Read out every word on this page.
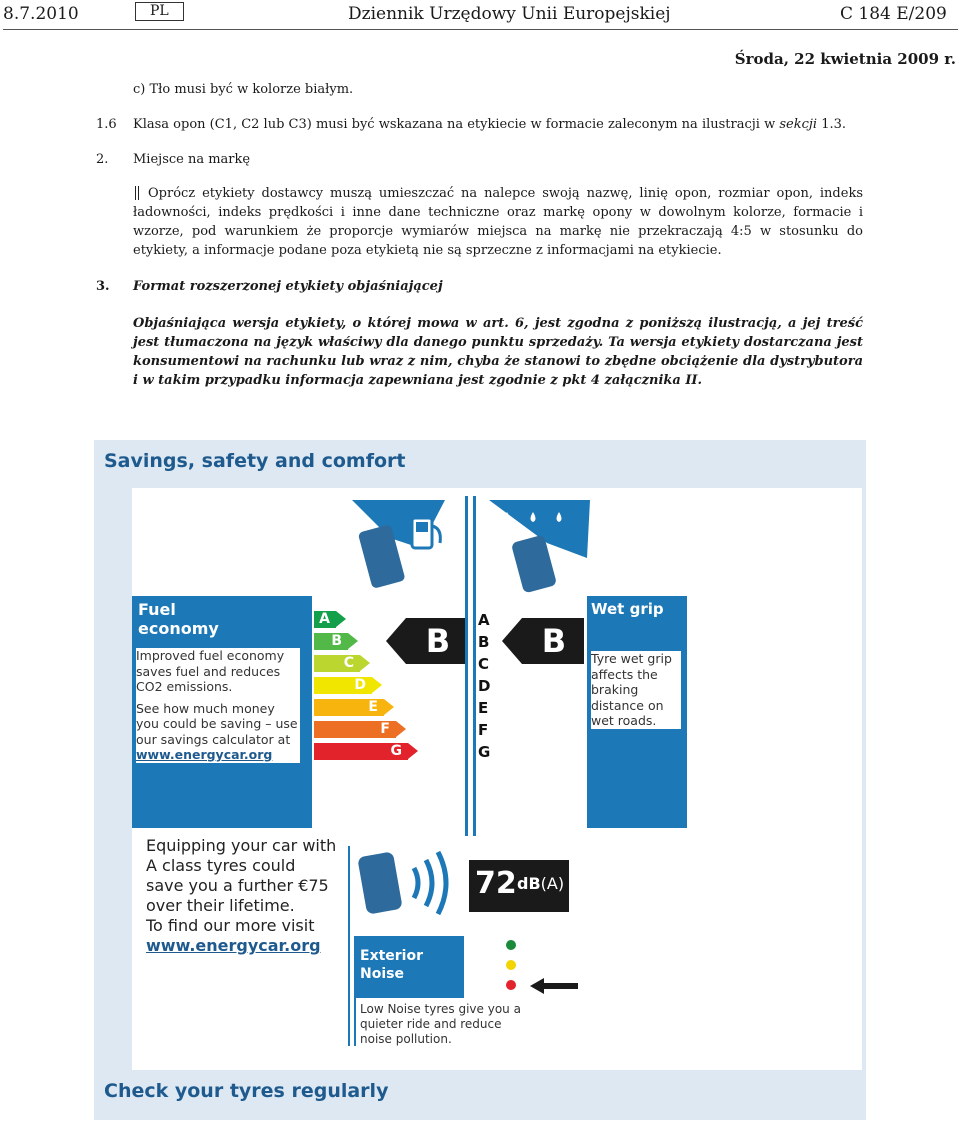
8.7.2010	PL	Dziennik Urzędowy Unii Europejskiej	C 184 E/209
Środa, 22 kwietnia 2009 r.
c) Tło musi być w kolorze białym.
1.6 Klasa opon (C1, C2 lub C3) musi być wskazana na etykiecie w formacie zaleconym na ilustracji w sekcji 1.3.
2. Miejsce na markę
Oprócz etykiety dostawcy muszą umieszczać na nalepce swoją nazwę, linię opon, rozmiar opon, indeks ładowności, indeks prędkości i inne dane techniczne oraz markę opony w dowolnym kolorze, formacie i wzorze, pod warunkiem że proporcje wymiarów miejsca na markę nie przekraczają 4:5 w stosunku do etykiety, a informacje podane poza etykietą nie są sprzeczne z informacjami na etykiecie.
3. Format rozszerzonej etykiety objaśniającej
Objaśniająca wersja etykiety, o której mowa w art. 6, jest zgodna z poniższą ilustracją, a jej treść jest tłumaczona na język właściwy dla danego punktu sprzedaży. Ta wersja etykiety dostarczana jest konsumentowi na rachunku lub wraz z nim, chyba że stanowi to zbędne obciążenie dla dystrybutora i w takim przypadku informacja zapewniana jest zgodnie z pkt 4 załącznika II.
Savings, safety and comfort
Fuel
economy
Improved fuel economy saves fuel and reduces CO2 emissions.
See how much money you could be saving – use our savings calculator at
www.energycar.org
A
B
C
D
E
F
G
B
A
B
C
D
E
F
G
B
Wet grip
Tyre wet grip affects the braking distance on wet roads.
Equipping your car with
A class tyres could
save you a further €75
over their lifetime.
To find our more visit
www.energycar.org
72 dB(A)
Exterior
Noise
Low Noise tyres give you a quieter ride and reduce noise pollution.
Check your tyres regularly
